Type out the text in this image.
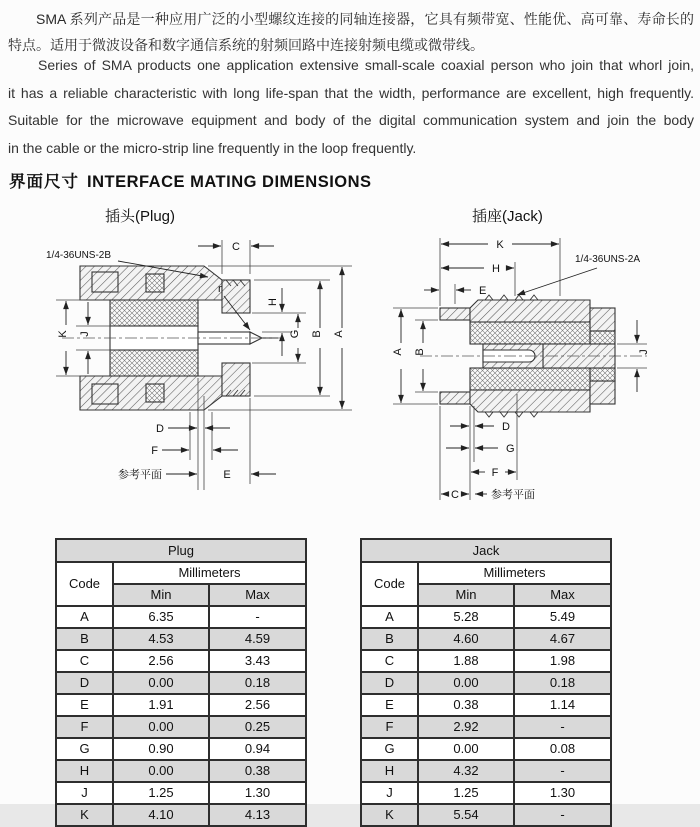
SMA 系列产品是一种应用广泛的小型螺纹连接的同轴连接器，它具有频带宽、性能优、高可靠、寿命长的
特点。适用于微波设备和数字通信系统的射频回路中连接射频电缆或微带线。
Series of SMA products one application extensive small-scale coaxial person who join that whorl join,
it has a reliable characteristic with long life-span that the width, performance are excellent, high frequently.
Suitable for the microwave equipment and body of the digital communication system and join the body
in the cable or the micro-strip line frequently in the loop frequently.
界面尺寸 INTERFACE MATING DIMENSIONS
插头(Plug)	插座(Jack)
1/4-36UNS-2B
C
r
H
G B A
K J
D
F
E
参考平面
K
H
E
1/4-36UNS-2A
A B	J
D
G
F
C	参考平面
Plug		
Code	Millimeters	
	Min	Max
A	6.35	-
B	4.53	4.59
C	2.56	3.43
D	0.00	0.18
E	1.91	2.56
F	0.00	0.25
G	0.90	0.94
H	0.00	0.38
J	1.25	1.30
K	4.10	4.13
Jack		
Code	Millimeters	
	Min	Max
A	5.28	5.49
B	4.60	4.67
C	1.88	1.98
D	0.00	0.18
E	0.38	1.14
F	2.92	-
G	0.00	0.08
H	4.32	-
J	1.25	1.30
K	5.54	-
